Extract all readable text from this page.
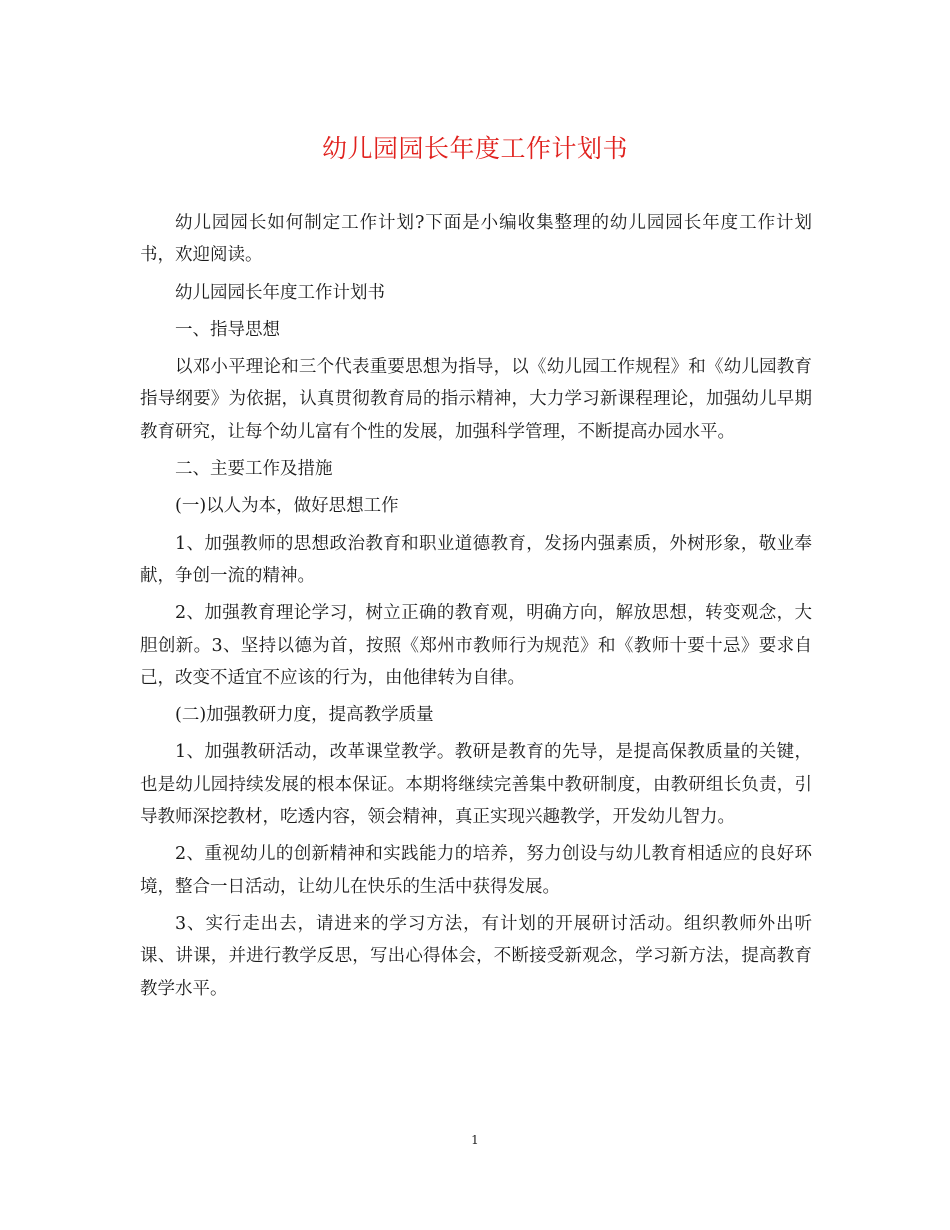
幼儿园园长年度工作计划书

幼儿园园长如何制定工作计划?下面是小编收集整理的幼儿园园长年度工作计划书，欢迎阅读。

幼儿园园长年度工作计划书

一、指导思想

以邓小平理论和三个代表重要思想为指导，以《幼儿园工作规程》和《幼儿园教育指导纲要》为依据，认真贯彻教育局的指示精神，大力学习新课程理论，加强幼儿早期教育研究，让每个幼儿富有个性的发展，加强科学管理，不断提高办园水平。

二、主要工作及措施

(一)以人为本，做好思想工作

1、加强教师的思想政治教育和职业道德教育，发扬内强素质，外树形象，敬业奉献，争创一流的精神。

2、加强教育理论学习，树立正确的教育观，明确方向，解放思想，转变观念，大胆创新。3、坚持以德为首，按照《郑州市教师行为规范》和《教师十要十忌》要求自己，改变不适宜不应该的行为，由他律转为自律。

(二)加强教研力度，提高教学质量

1、加强教研活动，改革课堂教学。教研是教育的先导，是提高保教质量的关键，也是幼儿园持续发展的根本保证。本期将继续完善集中教研制度，由教研组长负责，引导教师深挖教材，吃透内容，领会精神，真正实现兴趣教学，开发幼儿智力。

2、重视幼儿的创新精神和实践能力的培养，努力创设与幼儿教育相适应的良好环境，整合一日活动，让幼儿在快乐的生活中获得发展。

3、实行走出去，请进来的学习方法，有计划的开展研讨活动。组织教师外出听课、讲课，并进行教学反思，写出心得体会，不断接受新观念，学习新方法，提高教育教学水平。

1
